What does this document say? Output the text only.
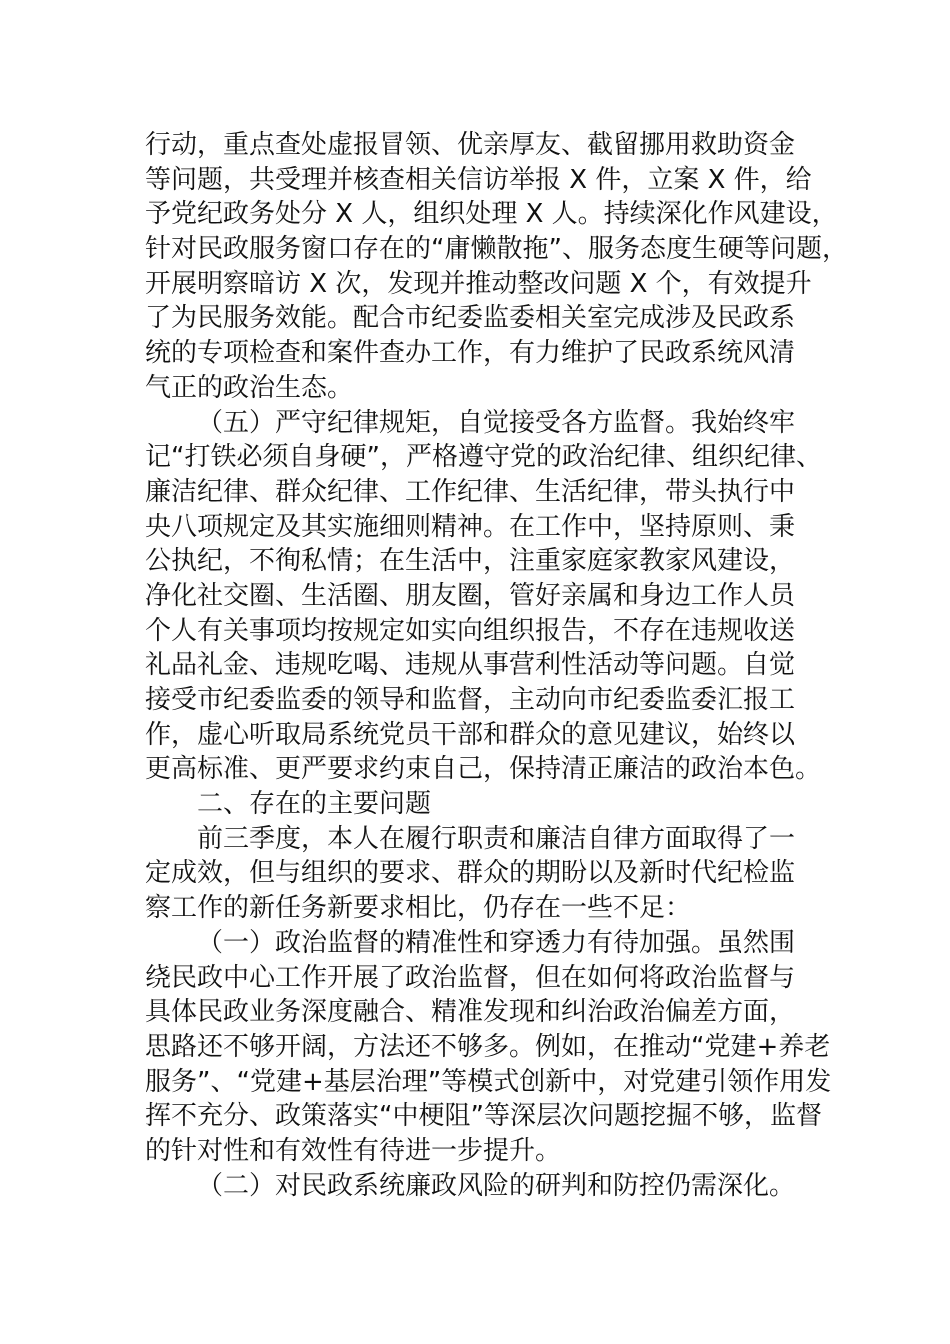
行动，重点查处虚报冒领、优亲厚友、截留挪用救助资金
等问题，共受理并核查相关信访举报 X 件，立案 X 件，给
予党纪政务处分 X 人，组织处理 X 人。持续深化作风建设，
针对民政服务窗口存在的“庸懒散拖”、服务态度生硬等问题，
开展明察暗访 X 次，发现并推动整改问题 X 个，有效提升
了为民服务效能。配合市纪委监委相关室完成涉及民政系
统的专项检查和案件查办工作，有力维护了民政系统风清
气正的政治生态。
（五）严守纪律规矩，自觉接受各方监督。我始终牢
记“打铁必须自身硬”，严格遵守党的政治纪律、组织纪律、
廉洁纪律、群众纪律、工作纪律、生活纪律，带头执行中
央八项规定及其实施细则精神。在工作中，坚持原则、秉
公执纪，不徇私情；在生活中，注重家庭家教家风建设，
净化社交圈、生活圈、朋友圈，管好亲属和身边工作人员
个人有关事项均按规定如实向组织报告，不存在违规收送
礼品礼金、违规吃喝、违规从事营利性活动等问题。自觉
接受市纪委监委的领导和监督，主动向市纪委监委汇报工
作，虚心听取局系统党员干部和群众的意见建议，始终以
更高标准、更严要求约束自己，保持清正廉洁的政治本色。
二、存在的主要问题
前三季度，本人在履行职责和廉洁自律方面取得了一
定成效，但与组织的要求、群众的期盼以及新时代纪检监
察工作的新任务新要求相比，仍存在一些不足：
（一）政治监督的精准性和穿透力有待加强。虽然围
绕民政中心工作开展了政治监督，但在如何将政治监督与
具体民政业务深度融合、精准发现和纠治政治偏差方面，
思路还不够开阔，方法还不够多。例如，在推动“党建+养老
服务”、“党建+基层治理”等模式创新中，对党建引领作用发
挥不充分、政策落实“中梗阻”等深层次问题挖掘不够，监督
的针对性和有效性有待进一步提升。
（二）对民政系统廉政风险的研判和防控仍需深化。
